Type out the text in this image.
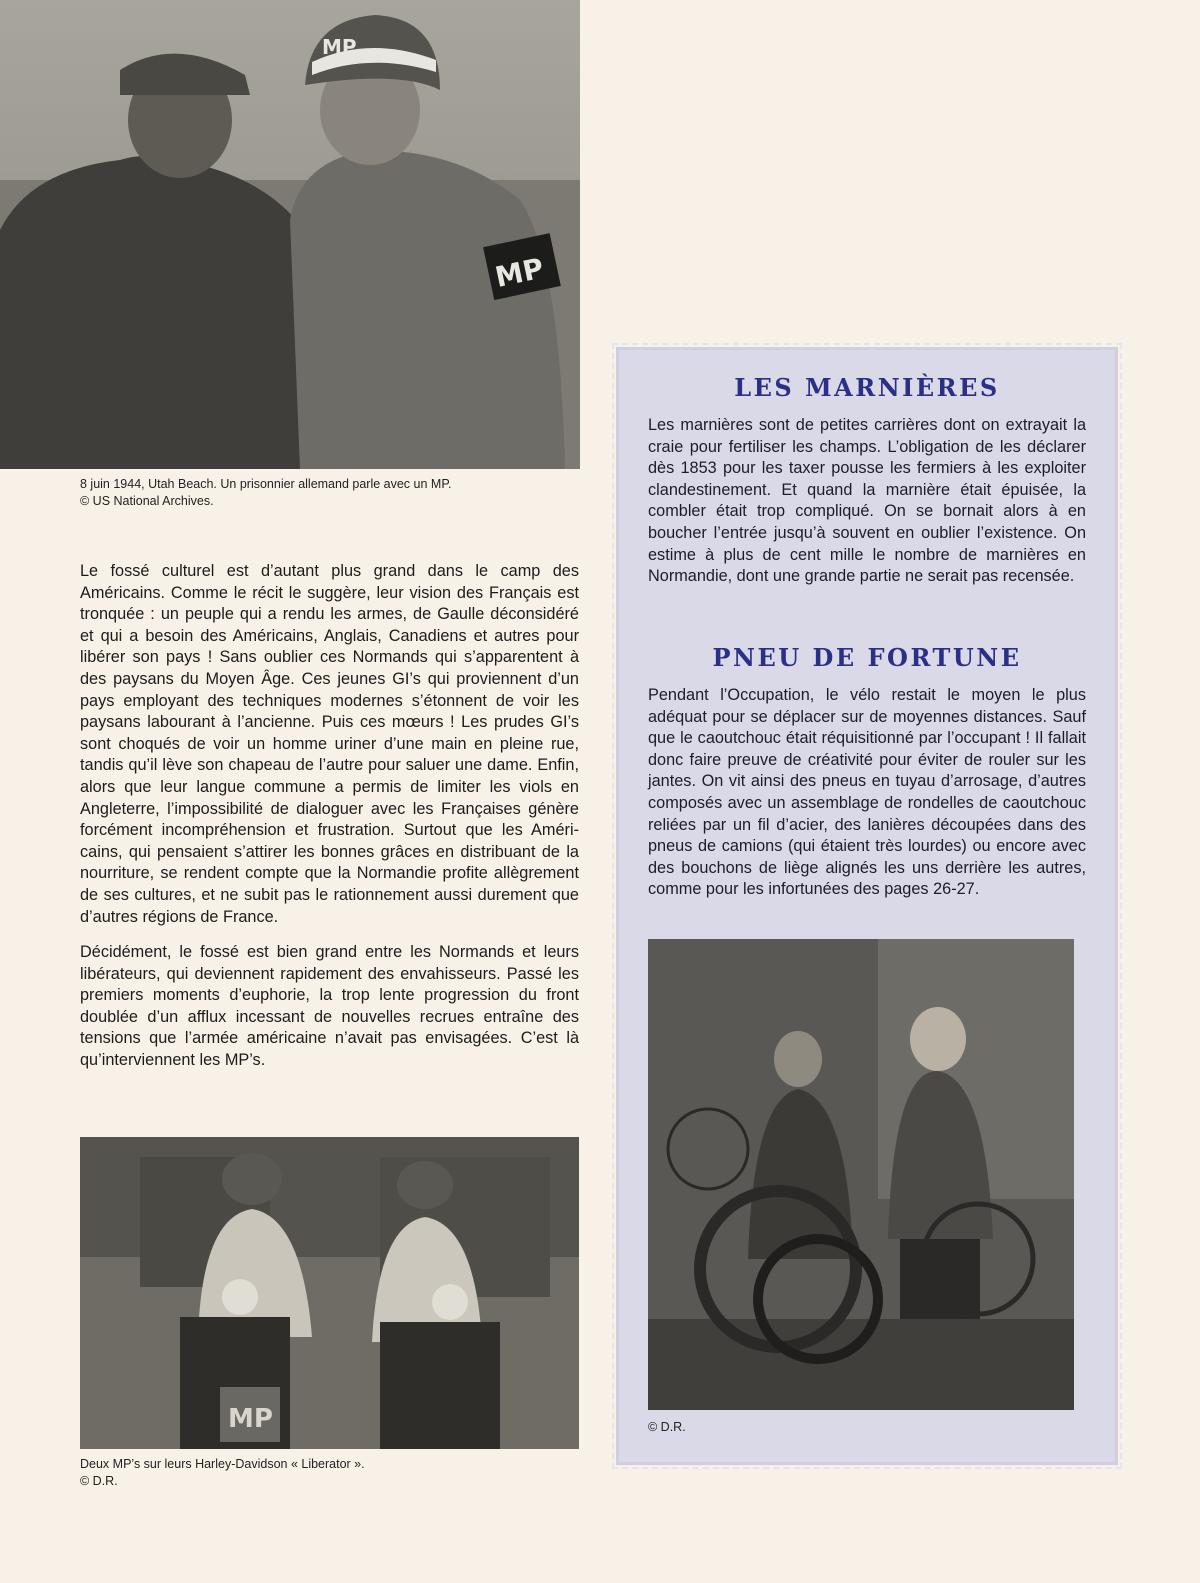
MP
MP
8 juin 1944, Utah Beach. Un prisonnier allemand parle avec un MP.
© US National Archives.

Le fossé culturel est d’autant plus grand dans le camp des Américains. Comme le récit le suggère, leur vision des Français est tronquée : un peuple qui a rendu les armes, de Gaulle déconsidéré et qui a besoin des Américains, Anglais, Canadiens et autres pour libérer son pays ! Sans oublier ces Normands qui s’apparentent à des paysans du Moyen Âge. Ces jeunes GI’s qui proviennent d’un pays employant des techniques modernes s’étonnent de voir les paysans labourant à l’ancienne. Puis ces mœurs ! Les prudes GI’s sont choqués de voir un homme uriner d’une main en pleine rue, tandis qu’il lève son chapeau de l’autre pour saluer une dame. Enfin, alors que leur langue commune a permis de limiter les viols en Angleterre, l’impossibilité de dialoguer avec les Françaises génère forcément incompréhension et frustration. Surtout que les Américains, qui pensaient s’attirer les bonnes grâces en distribuant de la nourriture, se rendent compte que la Normandie profite allègrement de ses cultures, et ne subit pas le rationnement aussi durement que d’autres régions de France.

Décidément, le fossé est bien grand entre les Normands et leurs libérateurs, qui deviennent rapidement des envahisseurs. Passé les premiers moments d’euphorie, la trop lente progression du front doublée d’un afflux incessant de nouvelles recrues entraîne des tensions que l’armée américaine n’avait pas envisagées. C’est là qu’interviennent les MP’s.

MP
Deux MP’s sur leurs Harley-Davidson « Liberator ».
© D.R.
LES MARNIÈRES
Les marnières sont de petites carrières dont on extrayait la craie pour fertiliser les champs. L’obligation de les déclarer dès 1853 pour les taxer pousse les fermiers à les exploiter clandestinement. Et quand la marnière était épuisée, la combler était trop compliqué. On se bornait alors à en boucher l’entrée jusqu’à souvent en oublier l’existence. On estime à plus de cent mille le nombre de marnières en Normandie, dont une grande partie ne serait pas recensée.
PNEU DE FORTUNE
Pendant l’Occupation, le vélo restait le moyen le plus adéquat pour se déplacer sur de moyennes distances. Sauf que le caoutchouc était réquisitionné par l’occupant ! Il fallait donc faire preuve de créativité pour éviter de rouler sur les jantes. On vit ainsi des pneus en tuyau d’arrosage, d’autres composés avec un assemblage de rondelles de caoutchouc reliées par un fil d’acier, des lanières découpées dans des pneus de camions (qui étaient très lourdes) ou encore avec des bouchons de liège alignés les uns derrière les autres, comme pour les infortunées des pages 26-27.
© D.R.
